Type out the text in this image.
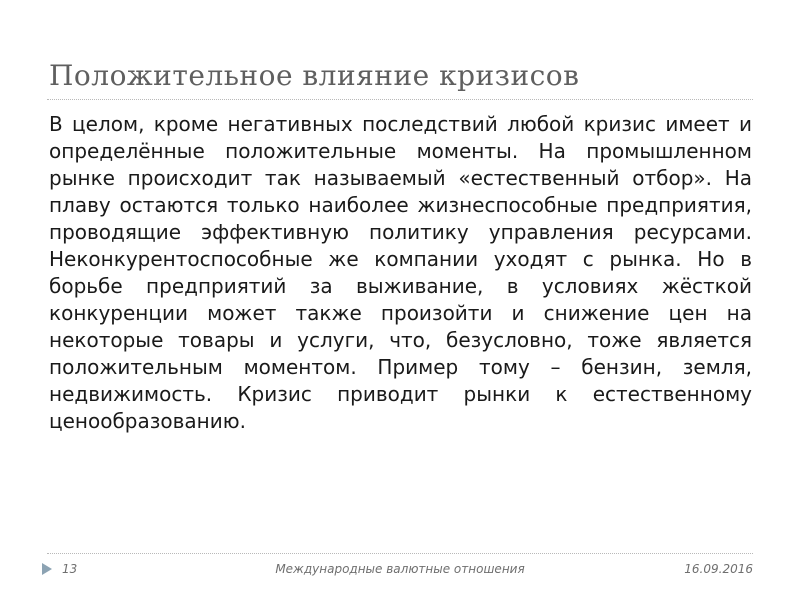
Положительное влияние кризисов

В целом, кроме негативных последствий любой кризис имеет и определённые положительные моменты. На промышленном рынке происходит так называемый «естественный отбор». На плаву остаются только наиболее жизнеспособные предприятия, проводящие эффективную политику управления ресурсами. Неконкурентоспособные же компании уходят с рынка. Но в борьбе предприятий за выживание, в условиях жёсткой конкуренции может также произойти и снижение цен на некоторые товары и услуги, что, безусловно, тоже является положительным моментом. Пример тому – бензин, земля, недвижимость. Кризис приводит рынки к естественному ценообразованию.

13	Международные валютные отношения	16.09.2016
